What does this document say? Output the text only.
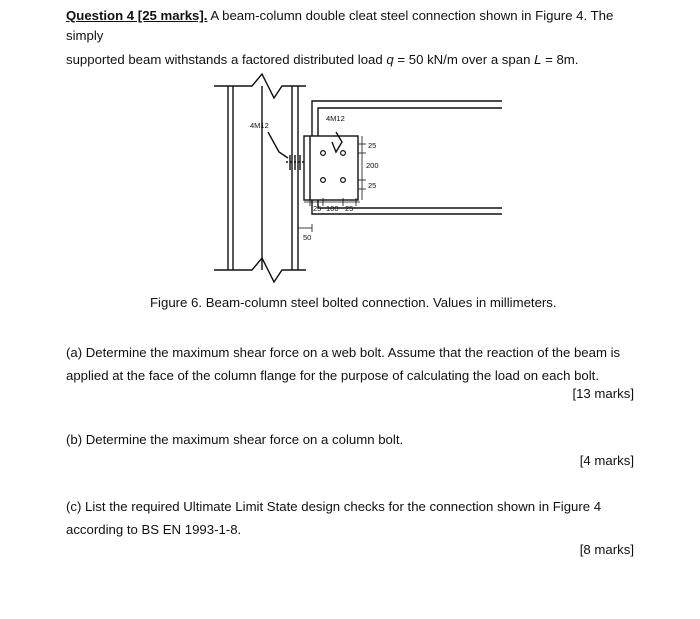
Question 4 [25 marks]. A beam-column double cleat steel connection shown in Figure 4. The simply
supported beam withstands a factored distributed load q = 50 kN/m over a span L = 8m.
4M12
4M12
25
200
25
25 100 25
50
Figure 6. Beam-column steel bolted connection. Values in millimeters.
(a) Determine the maximum shear force on a web bolt. Assume that the reaction of the beam is
applied at the face of the column flange for the purpose of calculating the load on each bolt.
[13 marks]
(b) Determine the maximum shear force on a column bolt.
[4 marks]
(c) List the required Ultimate Limit State design checks for the connection shown in Figure 4
according to BS EN 1993-1-8.
[8 marks]
